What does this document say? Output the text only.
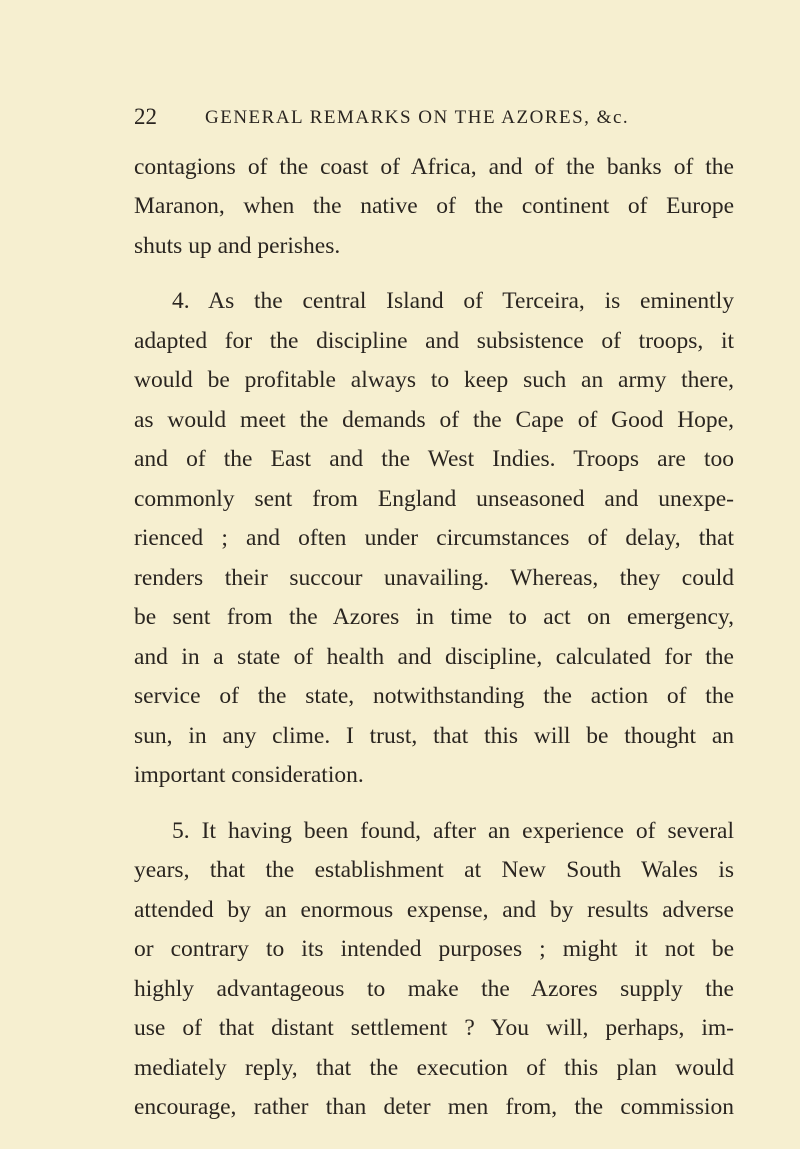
22	GENERAL REMARKS ON THE AZORES, &c.
contagions of the coast of Africa, and of the banks of the
Maranon, when the native of the continent of Europe
shuts up and perishes.
4. As the central Island of Terceira, is eminently
adapted for the discipline and subsistence of troops, it
would be profitable always to keep such an army there,
as would meet the demands of the Cape of Good Hope,
and of the East and the West Indies. Troops are too
commonly sent from England unseasoned and unexpe-
rienced ; and often under circumstances of delay, that
renders their succour unavailing. Whereas, they could
be sent from the Azores in time to act on emergency,
and in a state of health and discipline, calculated for the
service of the state, notwithstanding the action of the
sun, in any clime. I trust, that this will be thought an
important consideration.
5. It having been found, after an experience of several
years, that the establishment at New South Wales is
attended by an enormous expense, and by results adverse
or contrary to its intended purposes ; might it not be
highly advantageous to make the Azores supply the
use of that distant settlement ? You will, perhaps, im-
mediately reply, that the execution of this plan would
encourage, rather than deter men from, the commission
